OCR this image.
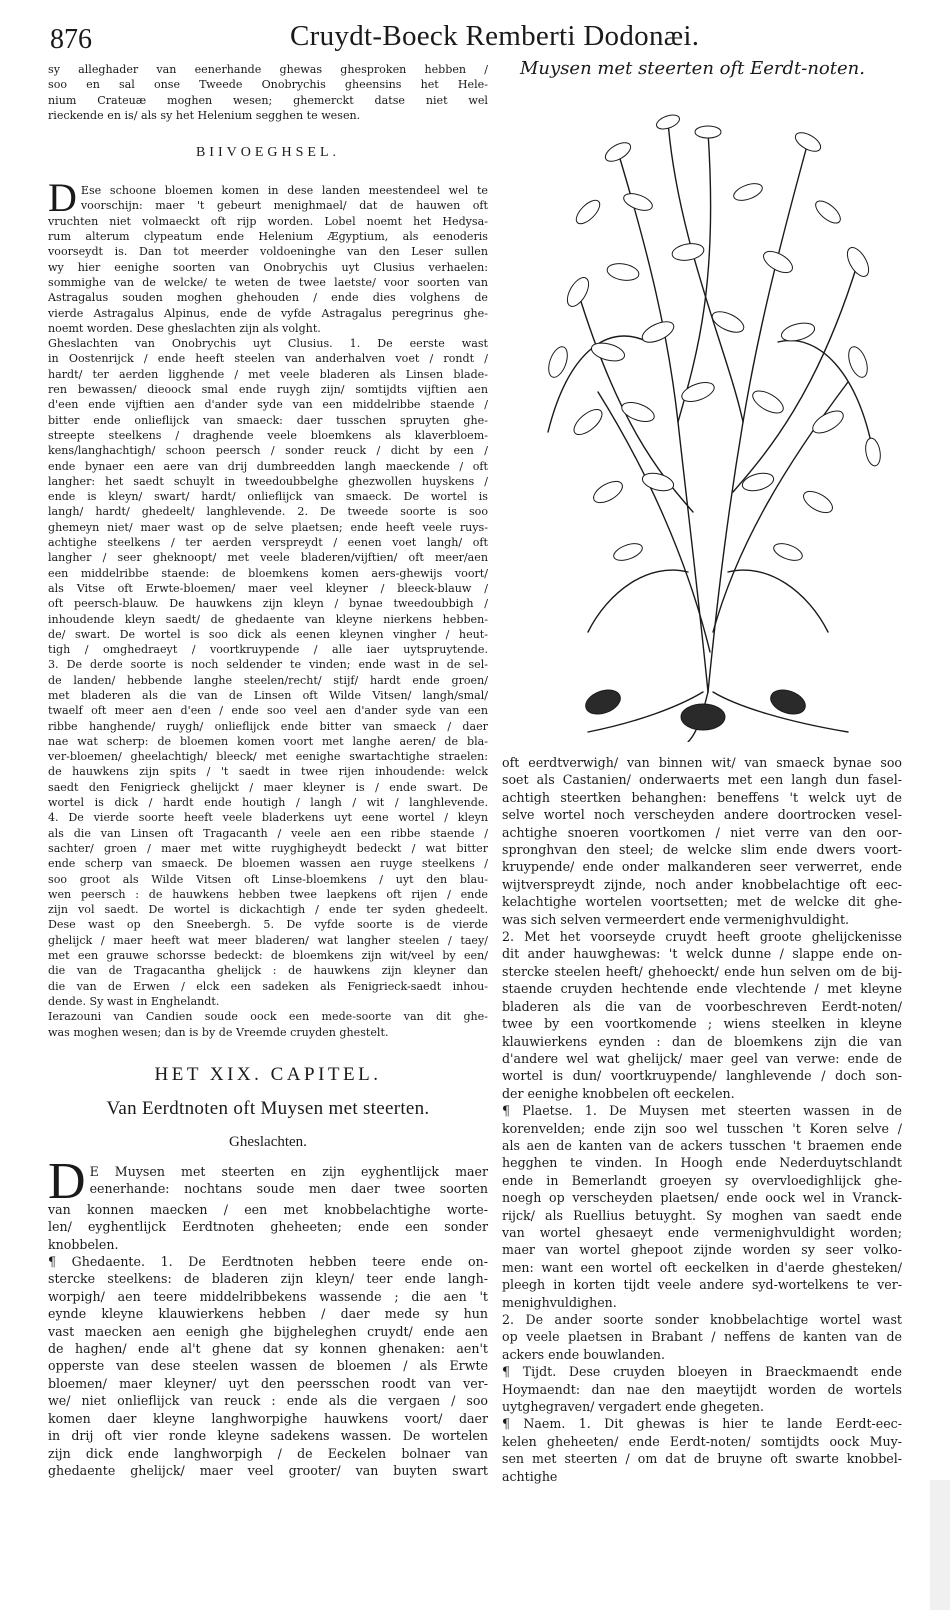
876	Cruydt-Boeck Remberti Dodonæi.
Muysen met steerten oft Eerdt-noten.
sy alleghader van eenerhande ghewas ghesproken hebben /
soo en sal onse Tweede Onobrychis gheensins het Hele-
nium Crateuæ moghen wesen; ghemerckt datse niet wel
rieckende en is/ als sy het Helenium segghen te wesen.
BIIVOEGHSEL.
D Ese schoone bloemen komen in dese landen meestendeel wel te
voorschijn: maer 't gebeurt menighmael/ dat de hauwen oft
vruchten niet volmaeckt oft rijp worden. Lobel noemt het Hedysa-
rum alterum clypeatum ende Helenium Ægyptium, als eenoderis
voorseydt is. Dan tot meerder voldoeninghe van den Leser sullen
wy hier eenighe soorten van Onobrychis uyt Clusius verhaelen:
sommighe van de welcke/ te weten de twee laetste/ voor soorten van
Astragalus souden moghen ghehouden / ende dies volghens de
vierde Astragalus Alpinus, ende de vyfde Astragalus peregrinus ghe-
noemt worden. Dese gheslachten zijn als volght.
Gheslachten van Onobrychis uyt Clusius. 1. De eerste wast
in Oostenrijck / ende heeft steelen van anderhalven voet / rondt /
hardt/ ter aerden ligghende / met veele bladeren als Linsen blade-
ren bewassen/ dieoock smal ende ruygh zijn/ somtijdts vijftien aen
d'een ende vijftien aen d'ander syde van een middelribbe staende /
bitter ende onlieflijck van smaeck: daer tusschen spruyten ghe-
streepte steelkens / draghende veele bloemkens als klaverbloem-
kens/langhachtigh/ schoon peersch / sonder reuck / dicht by een /
ende bynaer een aere van drij dumbreedden langh maeckende / oft
langher: het saedt schuylt in tweedoubbelghe ghezwollen huyskens /
ende is kleyn/ swart/ hardt/ onlieflijck van smaeck. De wortel is
langh/ hardt/ ghedeelt/ langhlevende. 2. De tweede soorte is soo
ghemeyn niet/ maer wast op de selve plaetsen; ende heeft veele ruys-
achtighe steelkens / ter aerden verspreydt / eenen voet langh/ oft
langher / seer gheknoopt/ met veele bladeren/vijftien/ oft meer/aen
een middelribbe staende: de bloemkens komen aers-ghewijs voort/
als Vitse oft Erwte-bloemen/ maer veel kleyner / bleeck-blauw /
oft peersch-blauw. De hauwkens zijn kleyn / bynae tweedoubbigh /
inhoudende kleyn saedt/ de ghedaente van kleyne nierkens hebben-
de/ swart. De wortel is soo dick als eenen kleynen vingher / heut-
tigh / omghedraeyt / voortkruypende / alle iaer uytspruytende.
3. De derde soorte is noch seldender te vinden; ende wast in de sel-
de landen/ hebbende langhe steelen/recht/ stijf/ hardt ende groen/
met bladeren als die van de Linsen oft Wilde Vitsen/ langh/smal/
twaelf oft meer aen d'een / ende soo veel aen d'ander syde van een
ribbe hanghende/ ruygh/ onlieflijck ende bitter van smaeck / daer
nae wat scherp: de bloemen komen voort met langhe aeren/ de bla-
ver-bloemen/ gheelachtigh/ bleeck/ met eenighe swartachtighe straelen:
de hauwkens zijn spits / 't saedt in twee rijen inhoudende: welck
saedt den Fenigrieck ghelijckt / maer kleyner is / ende swart. De
wortel is dick / hardt ende houtigh / langh / wit / langhlevende.
4. De vierde soorte heeft veele bladerkens uyt eene wortel / kleyn
als die van Linsen oft Tragacanth / veele aen een ribbe staende /
sachter/ groen / maer met witte ruyghigheydt bedeckt / wat bitter
ende scherp van smaeck. De bloemen wassen aen ruyge steelkens /
soo groot als Wilde Vitsen oft Linse-bloemkens / uyt den blau-
wen peersch : de hauwkens hebben twee laepkens oft rijen / ende
zijn vol saedt. De wortel is dickachtigh / ende ter syden ghedeelt.
Dese wast op den Sneebergh. 5. De vyfde soorte is de vierde
ghelijck / maer heeft wat meer bladeren/ wat langher steelen / taey/
met een grauwe schorsse bedeckt: de bloemkens zijn wit/veel by een/
die van de Tragacantha ghelijck : de hauwkens zijn kleyner dan
die van de Erwen / elck een sadeken als Fenigrieck-saedt inhou-
dende. Sy wast in Enghelandt.
Ierazouni van Candien soude oock een mede-soorte van dit ghe-
was moghen wesen; dan is by de Vreemde cruyden ghestelt.
HET XIX. CAPITEL.
Van Eerdtnoten oft Muysen met steerten.
Gheslachten.
D E Muysen met steerten en zijn eyghentlijck maer
eenerhande: nochtans soude men daer twee soorten
van konnen maecken / een met knobbelachtighe worte-
len/ eyghentlijck Eerdtnoten gheheeten; ende een sonder
knobbelen.
¶ Ghedaente. 1. De Eerdtnoten hebben teere ende on-
stercke steelkens: de bladeren zijn kleyn/ teer ende langh-
worpigh/ aen teere middelribbekens wassende ; die aen 't
eynde kleyne klauwierkens hebben / daer mede sy hun
vast maecken aen eenigh ghe bijgheleghen cruydt/ ende aen
de haghen/ ende al't ghene dat sy konnen ghenaken: aen't
opperste van dese steelen wassen de bloemen / als Erwte
bloemen/ maer kleyner/ uyt den peersschen roodt van ver-
we/ niet onlieflijck van reuck : ende als die vergaen / soo
komen daer kleyne langhworpighe hauwkens voort/ daer
in drij oft vier ronde kleyne sadekens wassen. De wortelen
zijn dick ende langhworpigh / de Eeckelen bolnaer van
ghedaente ghelijck/ maer veel grooter/ van buyten swart
oft eerdtverwigh/ van binnen wit/ van smaeck bynae soo
soet als Castanien/ onderwaerts met een langh dun fasel-
achtigh steertken behanghen: beneffens 't welck uyt de
selve wortel noch verscheyden andere doortrocken vesel-
achtighe snoeren voortkomen / niet verre van den oor-
spronghvan den steel; de welcke slim ende dwers voort-
kruypende/ ende onder malkanderen seer verwerret, ende
wijtverspreydt zijnde, noch ander knobbelachtige oft eec-
kelachtighe wortelen voortsetten; met de welcke dit ghe-
was sich selven vermeerdert ende vermenighvuldight.
2. Met het voorseyde cruydt heeft groote ghelijckenisse
dit ander hauwghewas: 't welck dunne / slappe ende on-
stercke steelen heeft/ ghehoeckt/ ende hun selven om de bij-
staende cruyden hechtende ende vlechtende / met kleyne
bladeren als die van de voorbeschreven Eerdt-noten/
twee by een voortkomende ; wiens steelken in kleyne
klauwierkens eynden : dan de bloemkens zijn die van
d'andere wel wat ghelijck/ maer geel van verwe: ende de
wortel is dun/ voortkruypende/ langhlevende / doch son-
der eenighe knobbelen oft eeckelen.
¶ Plaetse. 1. De Muysen met steerten wassen in de
korenvelden; ende zijn soo wel tusschen 't Koren selve /
als aen de kanten van de ackers tusschen 't braemen ende
hegghen te vinden. In Hoogh ende Nederduytschlandt
ende in Bemerlandt groeyen sy overvloedighlijck ghe-
noegh op verscheyden plaetsen/ ende oock wel in Vranck-
rijck/ als Ruellius betuyght. Sy moghen van saedt ende
van wortel ghesaeyt ende vermenighvuldight worden;
maer van wortel ghepoot zijnde worden sy seer volko-
men: want een wortel oft eeckelken in d'aerde ghesteken/
pleegh in korten tijdt veele andere syd-wortelkens te ver-
menighvuldighen.
2. De ander soorte sonder knobbelachtige wortel wast
op veele plaetsen in Brabant / neffens de kanten van de
ackers ende bouwlanden.
¶ Tijdt. Dese cruyden bloeyen in Braeckmaendt ende
Hoymaendt: dan nae den maeytijdt worden de wortels
uytghegraven/ vergadert ende ghegeten.
¶ Naem. 1. Dit ghewas is hier te lande Eerdt-eec-
kelen gheheeten/ ende Eerdt-noten/ somtijdts oock Muy-
sen met steerten / om dat de bruyne oft swarte knobbel-
achtighe
